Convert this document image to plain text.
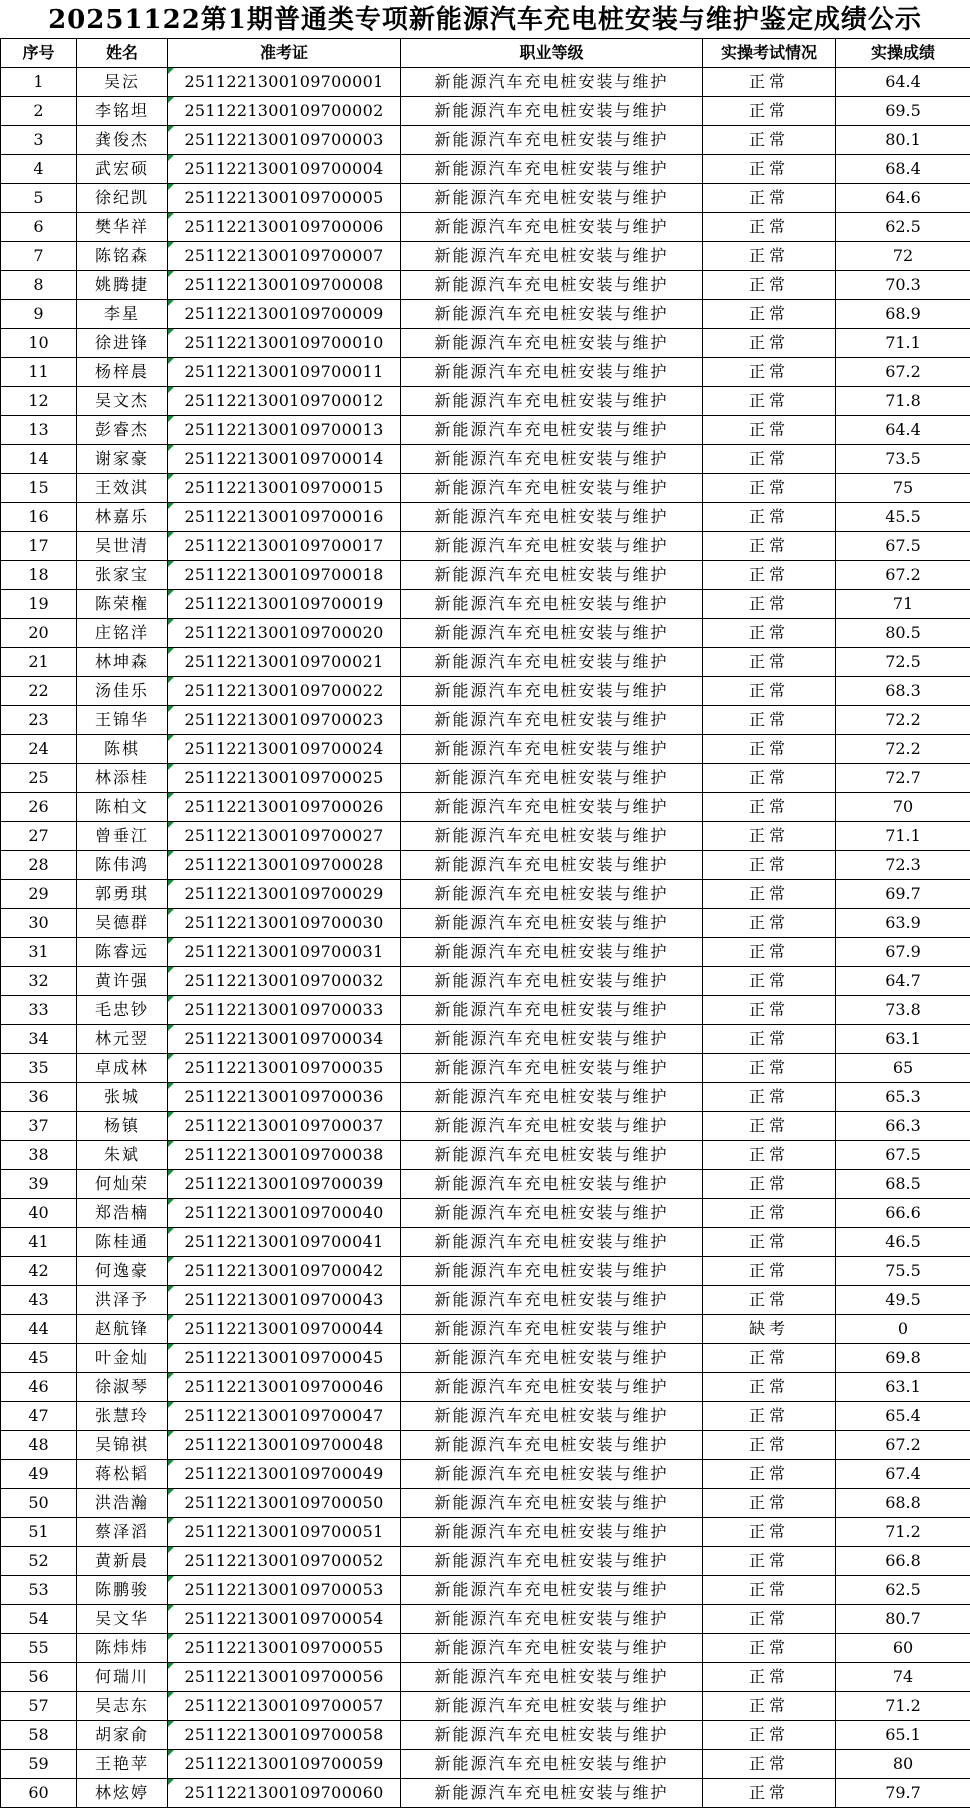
20251122第1期普通类专项新能源汽车充电桩安装与维护鉴定成绩公示
序号	姓名	准考证	职业等级	实操考试情况	实操成绩
1	吴沄	2511221300109700001	新能源汽车充电桩安装与维护	正常	64.4
2	李铭坦	2511221300109700002	新能源汽车充电桩安装与维护	正常	69.5
3	龚俊杰	2511221300109700003	新能源汽车充电桩安装与维护	正常	80.1
4	武宏硕	2511221300109700004	新能源汽车充电桩安装与维护	正常	68.4
5	徐纪凯	2511221300109700005	新能源汽车充电桩安装与维护	正常	64.6
6	樊华祥	2511221300109700006	新能源汽车充电桩安装与维护	正常	62.5
7	陈铭森	2511221300109700007	新能源汽车充电桩安装与维护	正常	72
8	姚腾捷	2511221300109700008	新能源汽车充电桩安装与维护	正常	70.3
9	李星	2511221300109700009	新能源汽车充电桩安装与维护	正常	68.9
10	徐进锋	2511221300109700010	新能源汽车充电桩安装与维护	正常	71.1
11	杨梓晨	2511221300109700011	新能源汽车充电桩安装与维护	正常	67.2
12	吴文杰	2511221300109700012	新能源汽车充电桩安装与维护	正常	71.8
13	彭睿杰	2511221300109700013	新能源汽车充电桩安装与维护	正常	64.4
14	谢家豪	2511221300109700014	新能源汽车充电桩安装与维护	正常	73.5
15	王效淇	2511221300109700015	新能源汽车充电桩安装与维护	正常	75
16	林嘉乐	2511221300109700016	新能源汽车充电桩安装与维护	正常	45.5
17	吴世清	2511221300109700017	新能源汽车充电桩安装与维护	正常	67.5
18	张家宝	2511221300109700018	新能源汽车充电桩安装与维护	正常	67.2
19	陈荣権	2511221300109700019	新能源汽车充电桩安装与维护	正常	71
20	庄铭洋	2511221300109700020	新能源汽车充电桩安装与维护	正常	80.5
21	林坤森	2511221300109700021	新能源汽车充电桩安装与维护	正常	72.5
22	汤佳乐	2511221300109700022	新能源汽车充电桩安装与维护	正常	68.3
23	王锦华	2511221300109700023	新能源汽车充电桩安装与维护	正常	72.2
24	陈棋	2511221300109700024	新能源汽车充电桩安装与维护	正常	72.2
25	林添桂	2511221300109700025	新能源汽车充电桩安装与维护	正常	72.7
26	陈柏文	2511221300109700026	新能源汽车充电桩安装与维护	正常	70
27	曾垂江	2511221300109700027	新能源汽车充电桩安装与维护	正常	71.1
28	陈伟鸿	2511221300109700028	新能源汽车充电桩安装与维护	正常	72.3
29	郭勇琪	2511221300109700029	新能源汽车充电桩安装与维护	正常	69.7
30	吴德群	2511221300109700030	新能源汽车充电桩安装与维护	正常	63.9
31	陈睿远	2511221300109700031	新能源汽车充电桩安装与维护	正常	67.9
32	黄许强	2511221300109700032	新能源汽车充电桩安装与维护	正常	64.7
33	毛忠钞	2511221300109700033	新能源汽车充电桩安装与维护	正常	73.8
34	林元翌	2511221300109700034	新能源汽车充电桩安装与维护	正常	63.1
35	卓成林	2511221300109700035	新能源汽车充电桩安装与维护	正常	65
36	张城	2511221300109700036	新能源汽车充电桩安装与维护	正常	65.3
37	杨镇	2511221300109700037	新能源汽车充电桩安装与维护	正常	66.3
38	朱斌	2511221300109700038	新能源汽车充电桩安装与维护	正常	67.5
39	何灿荣	2511221300109700039	新能源汽车充电桩安装与维护	正常	68.5
40	郑浩楠	2511221300109700040	新能源汽车充电桩安装与维护	正常	66.6
41	陈桂通	2511221300109700041	新能源汽车充电桩安装与维护	正常	46.5
42	何逸豪	2511221300109700042	新能源汽车充电桩安装与维护	正常	75.5
43	洪泽予	2511221300109700043	新能源汽车充电桩安装与维护	正常	49.5
44	赵航锋	2511221300109700044	新能源汽车充电桩安装与维护	缺考	0
45	叶金灿	2511221300109700045	新能源汽车充电桩安装与维护	正常	69.8
46	徐淑琴	2511221300109700046	新能源汽车充电桩安装与维护	正常	63.1
47	张慧玲	2511221300109700047	新能源汽车充电桩安装与维护	正常	65.4
48	吴锦祺	2511221300109700048	新能源汽车充电桩安装与维护	正常	67.2
49	蒋松韬	2511221300109700049	新能源汽车充电桩安装与维护	正常	67.4
50	洪浩瀚	2511221300109700050	新能源汽车充电桩安装与维护	正常	68.8
51	蔡泽滔	2511221300109700051	新能源汽车充电桩安装与维护	正常	71.2
52	黄新晨	2511221300109700052	新能源汽车充电桩安装与维护	正常	66.8
53	陈鹏骏	2511221300109700053	新能源汽车充电桩安装与维护	正常	62.5
54	吴文华	2511221300109700054	新能源汽车充电桩安装与维护	正常	80.7
55	陈炜炜	2511221300109700055	新能源汽车充电桩安装与维护	正常	60
56	何瑞川	2511221300109700056	新能源汽车充电桩安装与维护	正常	74
57	吴志东	2511221300109700057	新能源汽车充电桩安装与维护	正常	71.2
58	胡家俞	2511221300109700058	新能源汽车充电桩安装与维护	正常	65.1
59	王艳苹	2511221300109700059	新能源汽车充电桩安装与维护	正常	80
60	林炫婷	2511221300109700060	新能源汽车充电桩安装与维护	正常	79.7
